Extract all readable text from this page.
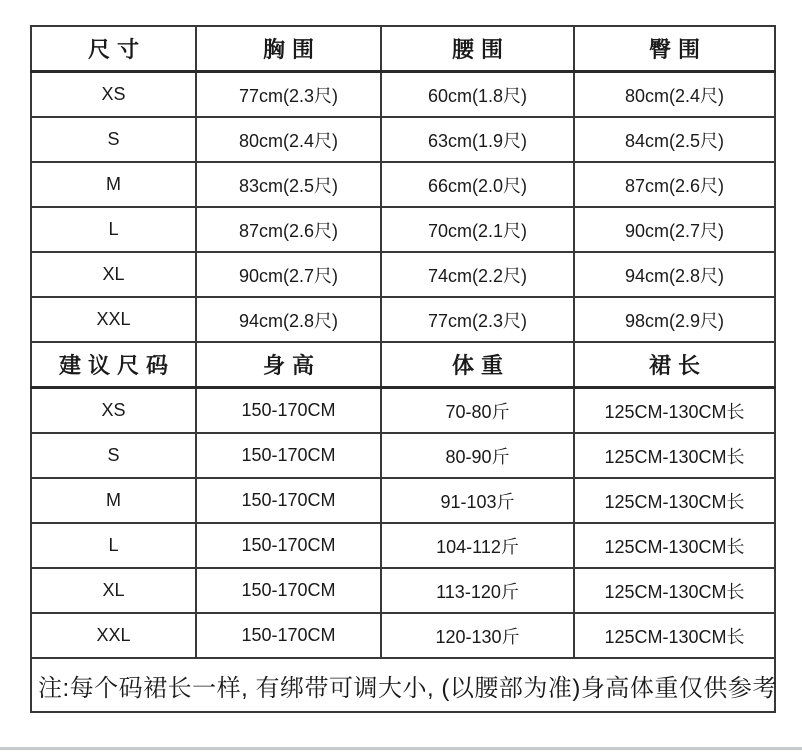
尺寸	胸围	腰围	臀围
XS	77cm(2.3尺)	60cm(1.8尺)	80cm(2.4尺)
S	80cm(2.4尺)	63cm(1.9尺)	84cm(2.5尺)
M	83cm(2.5尺)	66cm(2.0尺)	87cm(2.6尺)
L	87cm(2.6尺)	70cm(2.1尺)	90cm(2.7尺)
XL	90cm(2.7尺)	74cm(2.2尺)	94cm(2.8尺)
XXL	94cm(2.8尺)	77cm(2.3尺)	98cm(2.9尺)
建议尺码	身高	体重	裙长
XS	150-170CM	70-80斤	125CM-130CM长
S	150-170CM	80-90斤	125CM-130CM长
M	150-170CM	91-103斤	125CM-130CM长
L	150-170CM	104-112斤	125CM-130CM长
XL	150-170CM	113-120斤	125CM-130CM长
XXL	150-170CM	120-130斤	125CM-130CM长
注:每个码裙长一样, 有绑带可调大小, (以腰部为准)身高体重仅供参考			
